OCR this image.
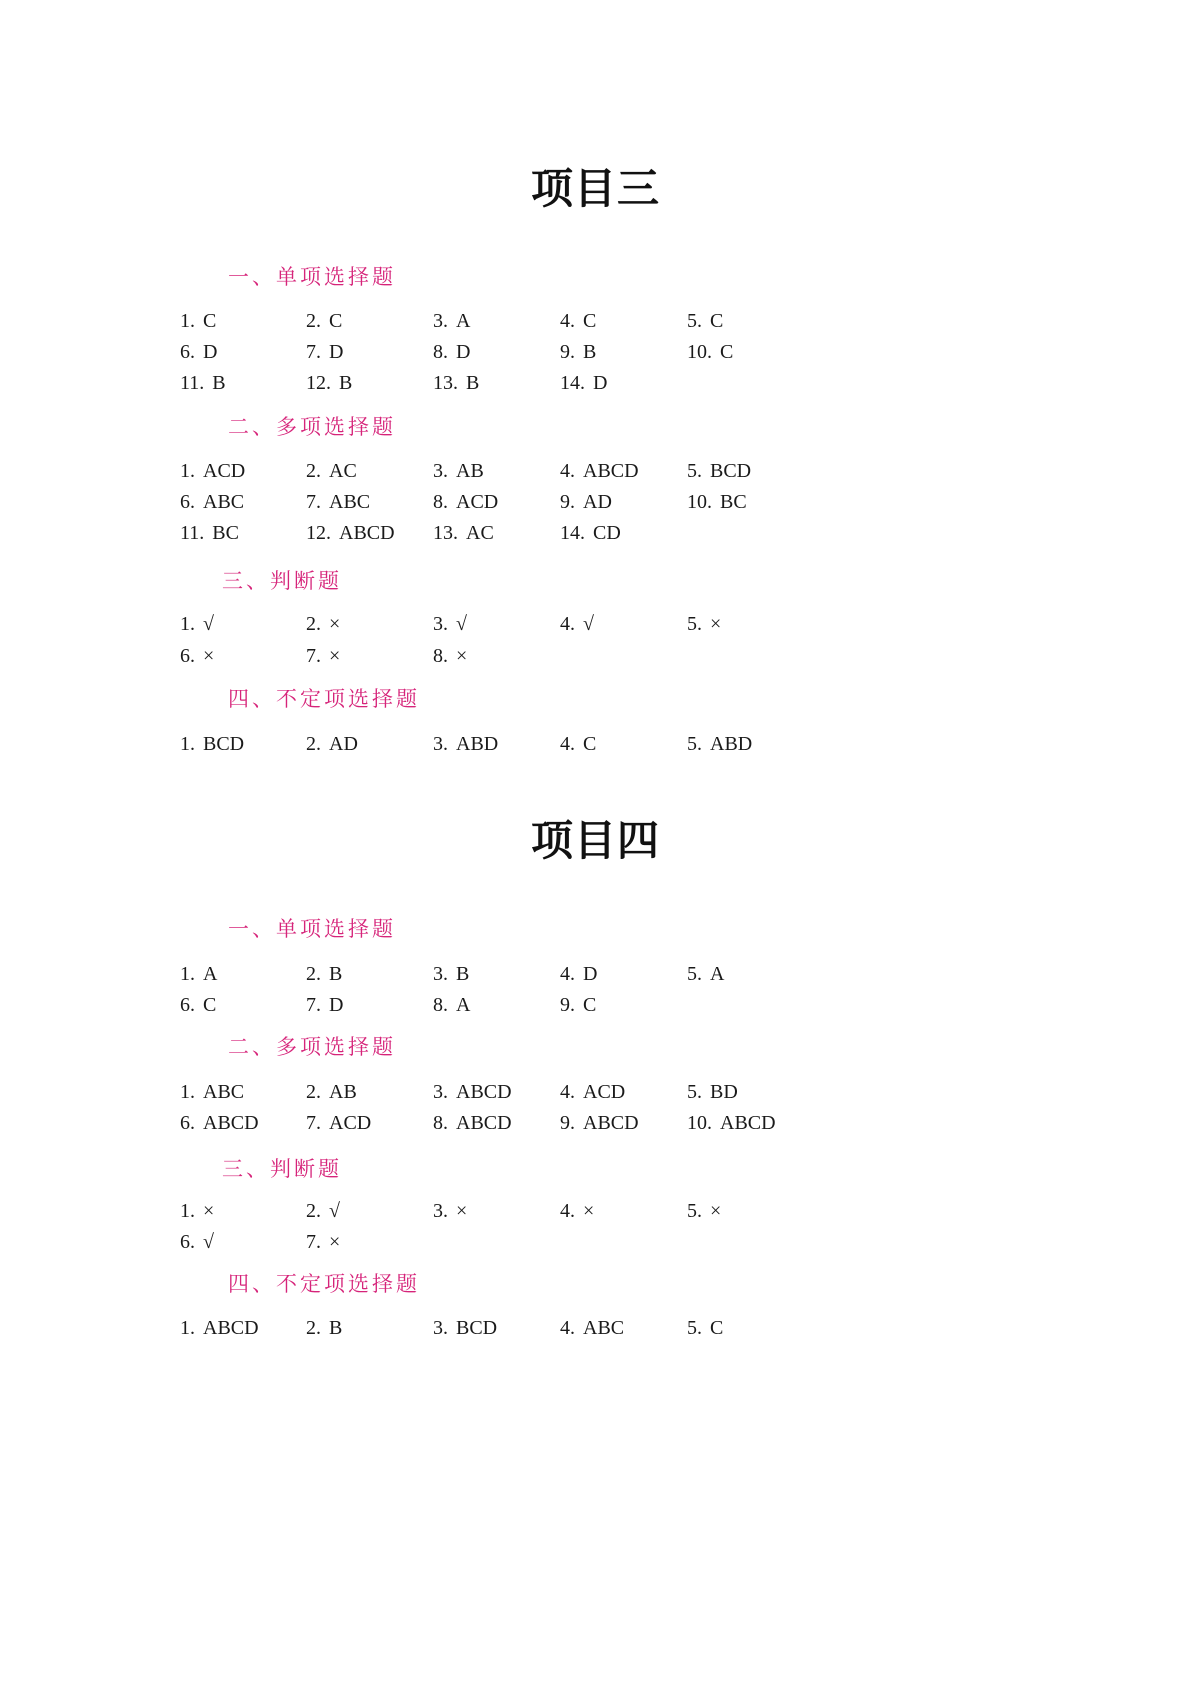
项目三
一、单项选择题
1. C	2. C	3. A	4. C	5. C
6. D	7. D	8. D	9. B	10. C
11. B	12. B	13. B	14. D
二、多项选择题
1. ACD	2. AC	3. AB	4. ABCD 5. BCD
6. ABC	7. ABC	8. ACD	9. AD	10. BC
11. BC	12. ABCD 13. AC	14. CD
三、判断题
1. √	2. ×	3. √	4. √	5. ×
6. ×	7. ×	8. ×
四、不定项选择题
1. BCD	2. AD	3. ABD	4. C	5. ABD
项目四
一、单项选择题
1. A	2. B	3. B	4. D	5. A
6. C	7. D	8. A	9. C
二、多项选择题
1. ABC	2. AB	3. ABCD 4. ACD	5. BD
6. ABCD 7. ACD	8. ABCD 9. ABCD 10. ABCD
三、判断题
1. ×	2. √	3. ×	4. ×	5. ×
6. √	7. ×
四、不定项选择题
1. ABCD 2. B	3. BCD	4. ABC	5. C
